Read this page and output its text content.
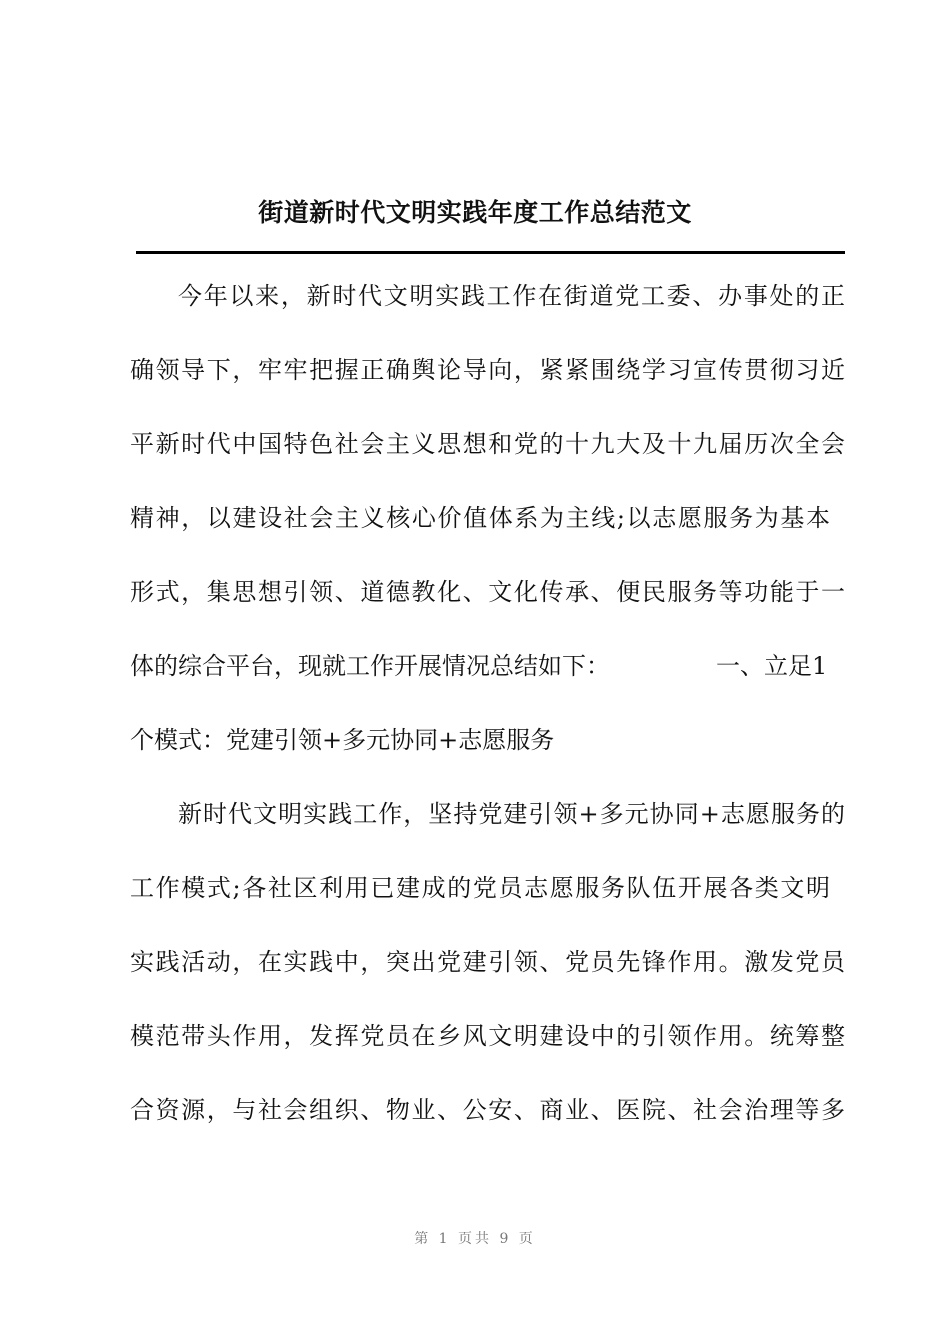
街道新时代文明实践年度工作总结范文
今年以来，新时代文明实践工作在街道党工委、办事处的正
确领导下，牢牢把握正确舆论导向，紧紧围绕学习宣传贯彻习近
平新时代中国特色社会主义思想和党的十九大及十九届历次全会
精神，以建设社会主义核心价值体系为主线;以志愿服务为基本
形式，集思想引领、道德教化、文化传承、便民服务等功能于一
体的综合平台，现就工作开展情况总结如下：	一、立足1
个模式：党建引领+多元协同+志愿服务
新时代文明实践工作，坚持党建引领+多元协同+志愿服务的
工作模式;各社区利用已建成的党员志愿服务队伍开展各类文明
实践活动，在实践中，突出党建引领、党员先锋作用。激发党员
模范带头作用，发挥党员在乡风文明建设中的引领作用。统筹整
合资源，与社会组织、物业、公安、商业、医院、社会治理等多
第 1 页共 9 页
